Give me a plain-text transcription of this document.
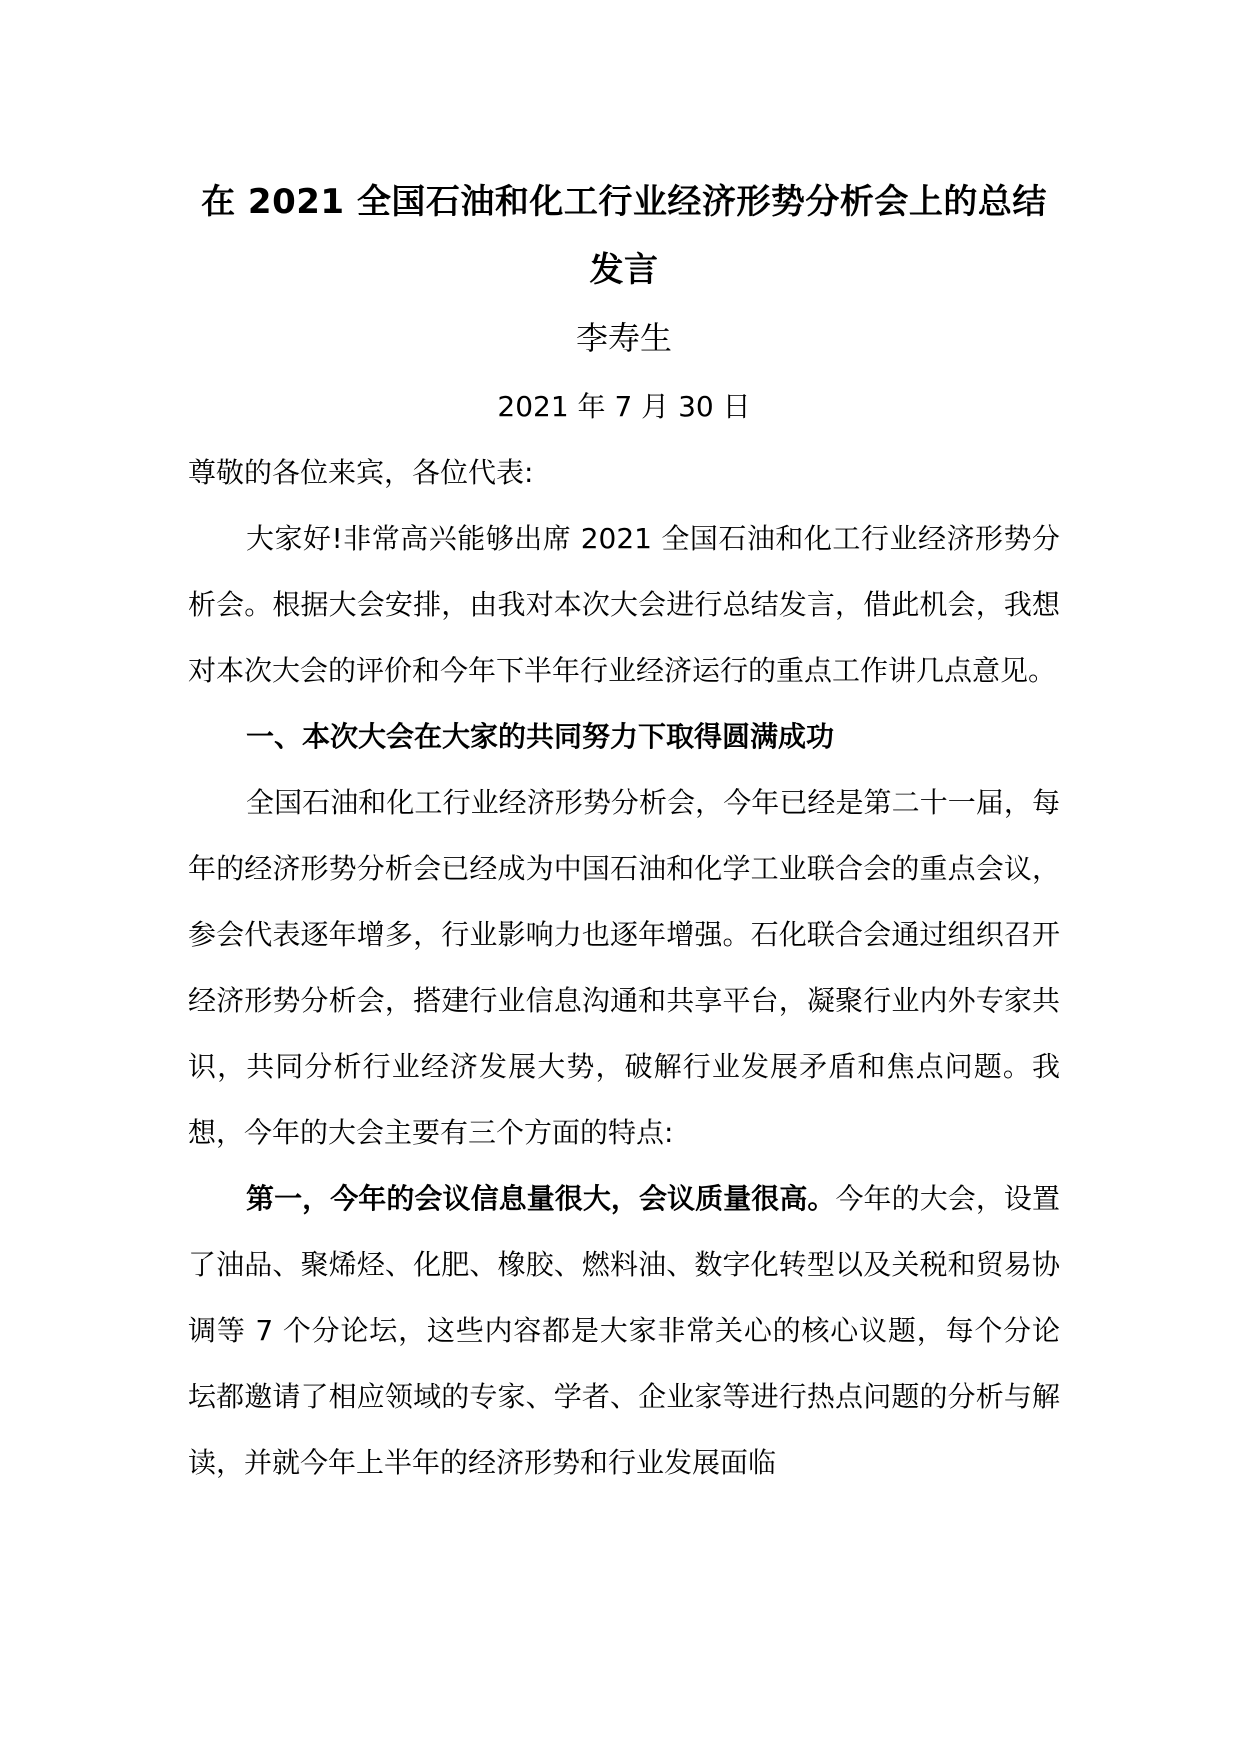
在 2021 全国石油和化工行业经济形势分析会上的总结发言

李寿生

2021 年 7 月 30 日

尊敬的各位来宾，各位代表:

大家好!非常高兴能够出席 2021 全国石油和化工行业经济形势分析会。根据大会安排，由我对本次大会进行总结发言，借此机会，我想对本次大会的评价和今年下半年行业经济运行的重点工作讲几点意见。

一、本次大会在大家的共同努力下取得圆满成功

全国石油和化工行业经济形势分析会，今年已经是第二十一届，每年的经济形势分析会已经成为中国石油和化学工业联合会的重点会议，参会代表逐年增多，行业影响力也逐年增强。石化联合会通过组织召开经济形势分析会，搭建行业信息沟通和共享平台，凝聚行业内外专家共识，共同分析行业经济发展大势，破解行业发展矛盾和焦点问题。我想，今年的大会主要有三个方面的特点:

第一，今年的会议信息量很大，会议质量很高。今年的大会，设置了油品、聚烯烃、化肥、橡胶、燃料油、数字化转型以及关税和贸易协调等 7 个分论坛，这些内容都是大家非常关心的核心议题，每个分论坛都邀请了相应领域的专家、学者、企业家等进行热点问题的分析与解读，并就今年上半年的经济形势和行业发展面临
